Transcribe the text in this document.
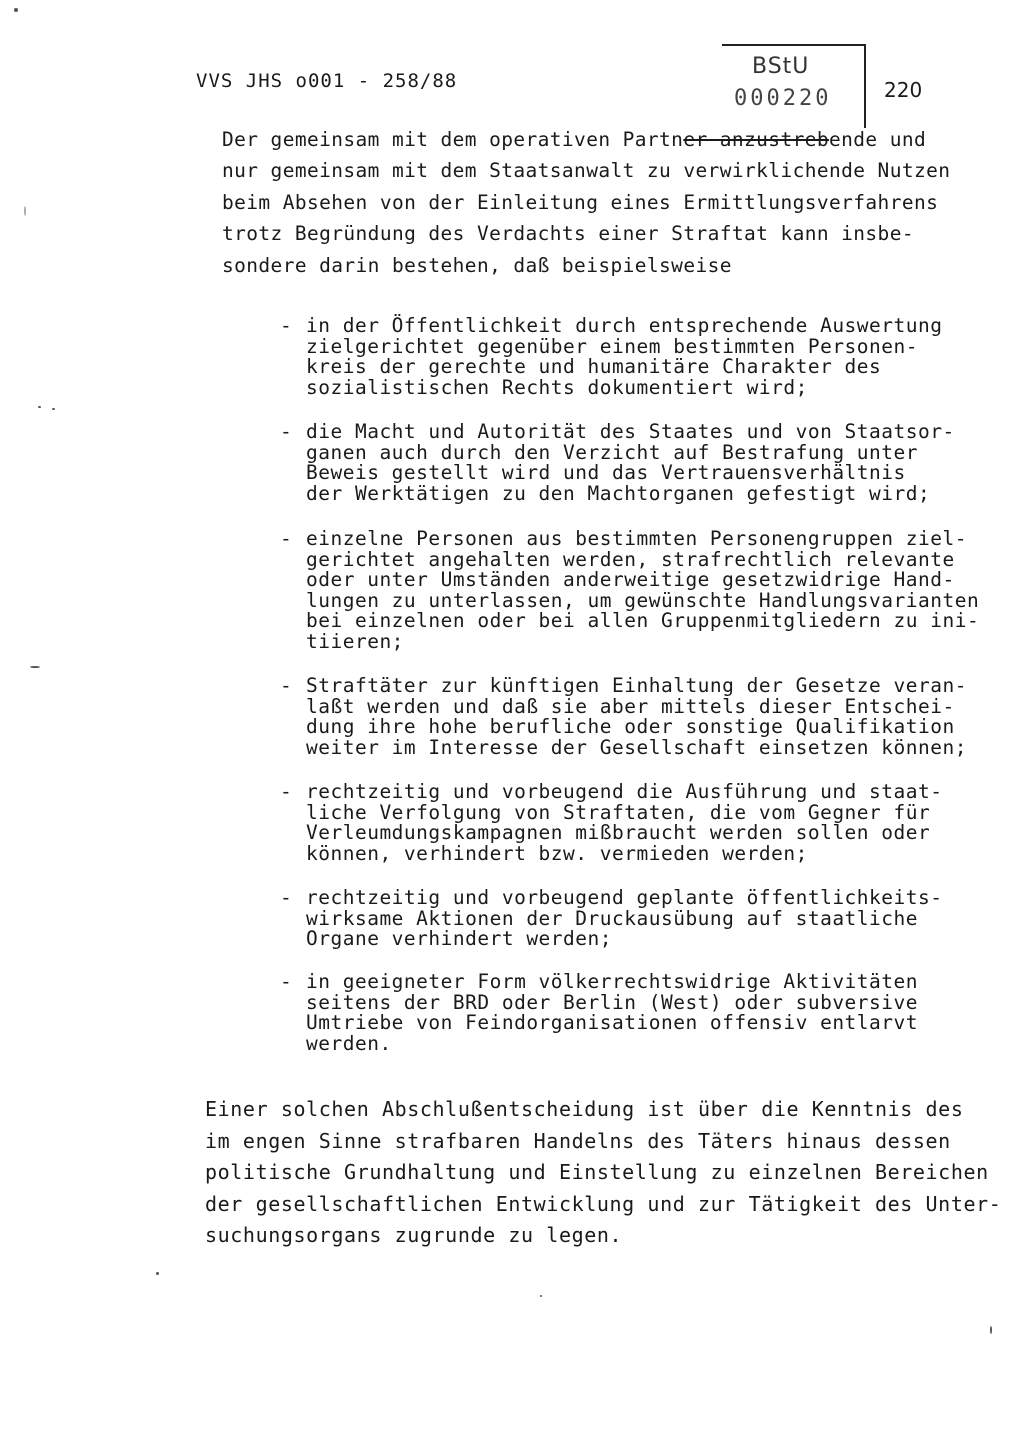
VVS JHS o001 - 258/88
BStU
000220	220
Der gemeinsam mit dem operativen Partner anzustrebende und
nur gemeinsam mit dem Staatsanwalt zu verwirklichende Nutzen
beim Absehen von der Einleitung eines Ermittlungsverfahrens
trotz Begründung des Verdachts einer Straftat kann insbe-
sondere darin bestehen, daß beispielsweise
- in der Öffentlichkeit durch entsprechende Auswertung
zielgerichtet gegenüber einem bestimmten Personen-
kreis der gerechte und humanitäre Charakter des
sozialistischen Rechts dokumentiert wird;
- die Macht und Autorität des Staates und von Staatsor-
ganen auch durch den Verzicht auf Bestrafung unter
Beweis gestellt wird und das Vertrauensverhältnis
der Werktätigen zu den Machtorganen gefestigt wird;
- einzelne Personen aus bestimmten Personengruppen ziel-
gerichtet angehalten werden, strafrechtlich relevante
oder unter Umständen anderweitige gesetzwidrige Hand-
lungen zu unterlassen, um gewünschte Handlungsvarianten
bei einzelnen oder bei allen Gruppenmitgliedern zu ini-
tiieren;
- Straftäter zur künftigen Einhaltung der Gesetze veran-
laßt werden und daß sie aber mittels dieser Entschei-
dung ihre hohe berufliche oder sonstige Qualifikation
weiter im Interesse der Gesellschaft einsetzen können;
- rechtzeitig und vorbeugend die Ausführung und staat-
liche Verfolgung von Straftaten, die vom Gegner für
Verleumdungskampagnen mißbraucht werden sollen oder
können, verhindert bzw. vermieden werden;
- rechtzeitig und vorbeugend geplante öffentlichkeits-
wirksame Aktionen der Druckausübung auf staatliche
Organe verhindert werden;
- in geeigneter Form völkerrechtswidrige Aktivitäten
seitens der BRD oder Berlin (West) oder subversive
Umtriebe von Feindorganisationen offensiv entlarvt
werden.
Einer solchen Abschlußentscheidung ist über die Kenntnis des
im engen Sinne strafbaren Handelns des Täters hinaus dessen
politische Grundhaltung und Einstellung zu einzelnen Bereichen
der gesellschaftlichen Entwicklung und zur Tätigkeit des Unter-
suchungsorgans zugrunde zu legen.
